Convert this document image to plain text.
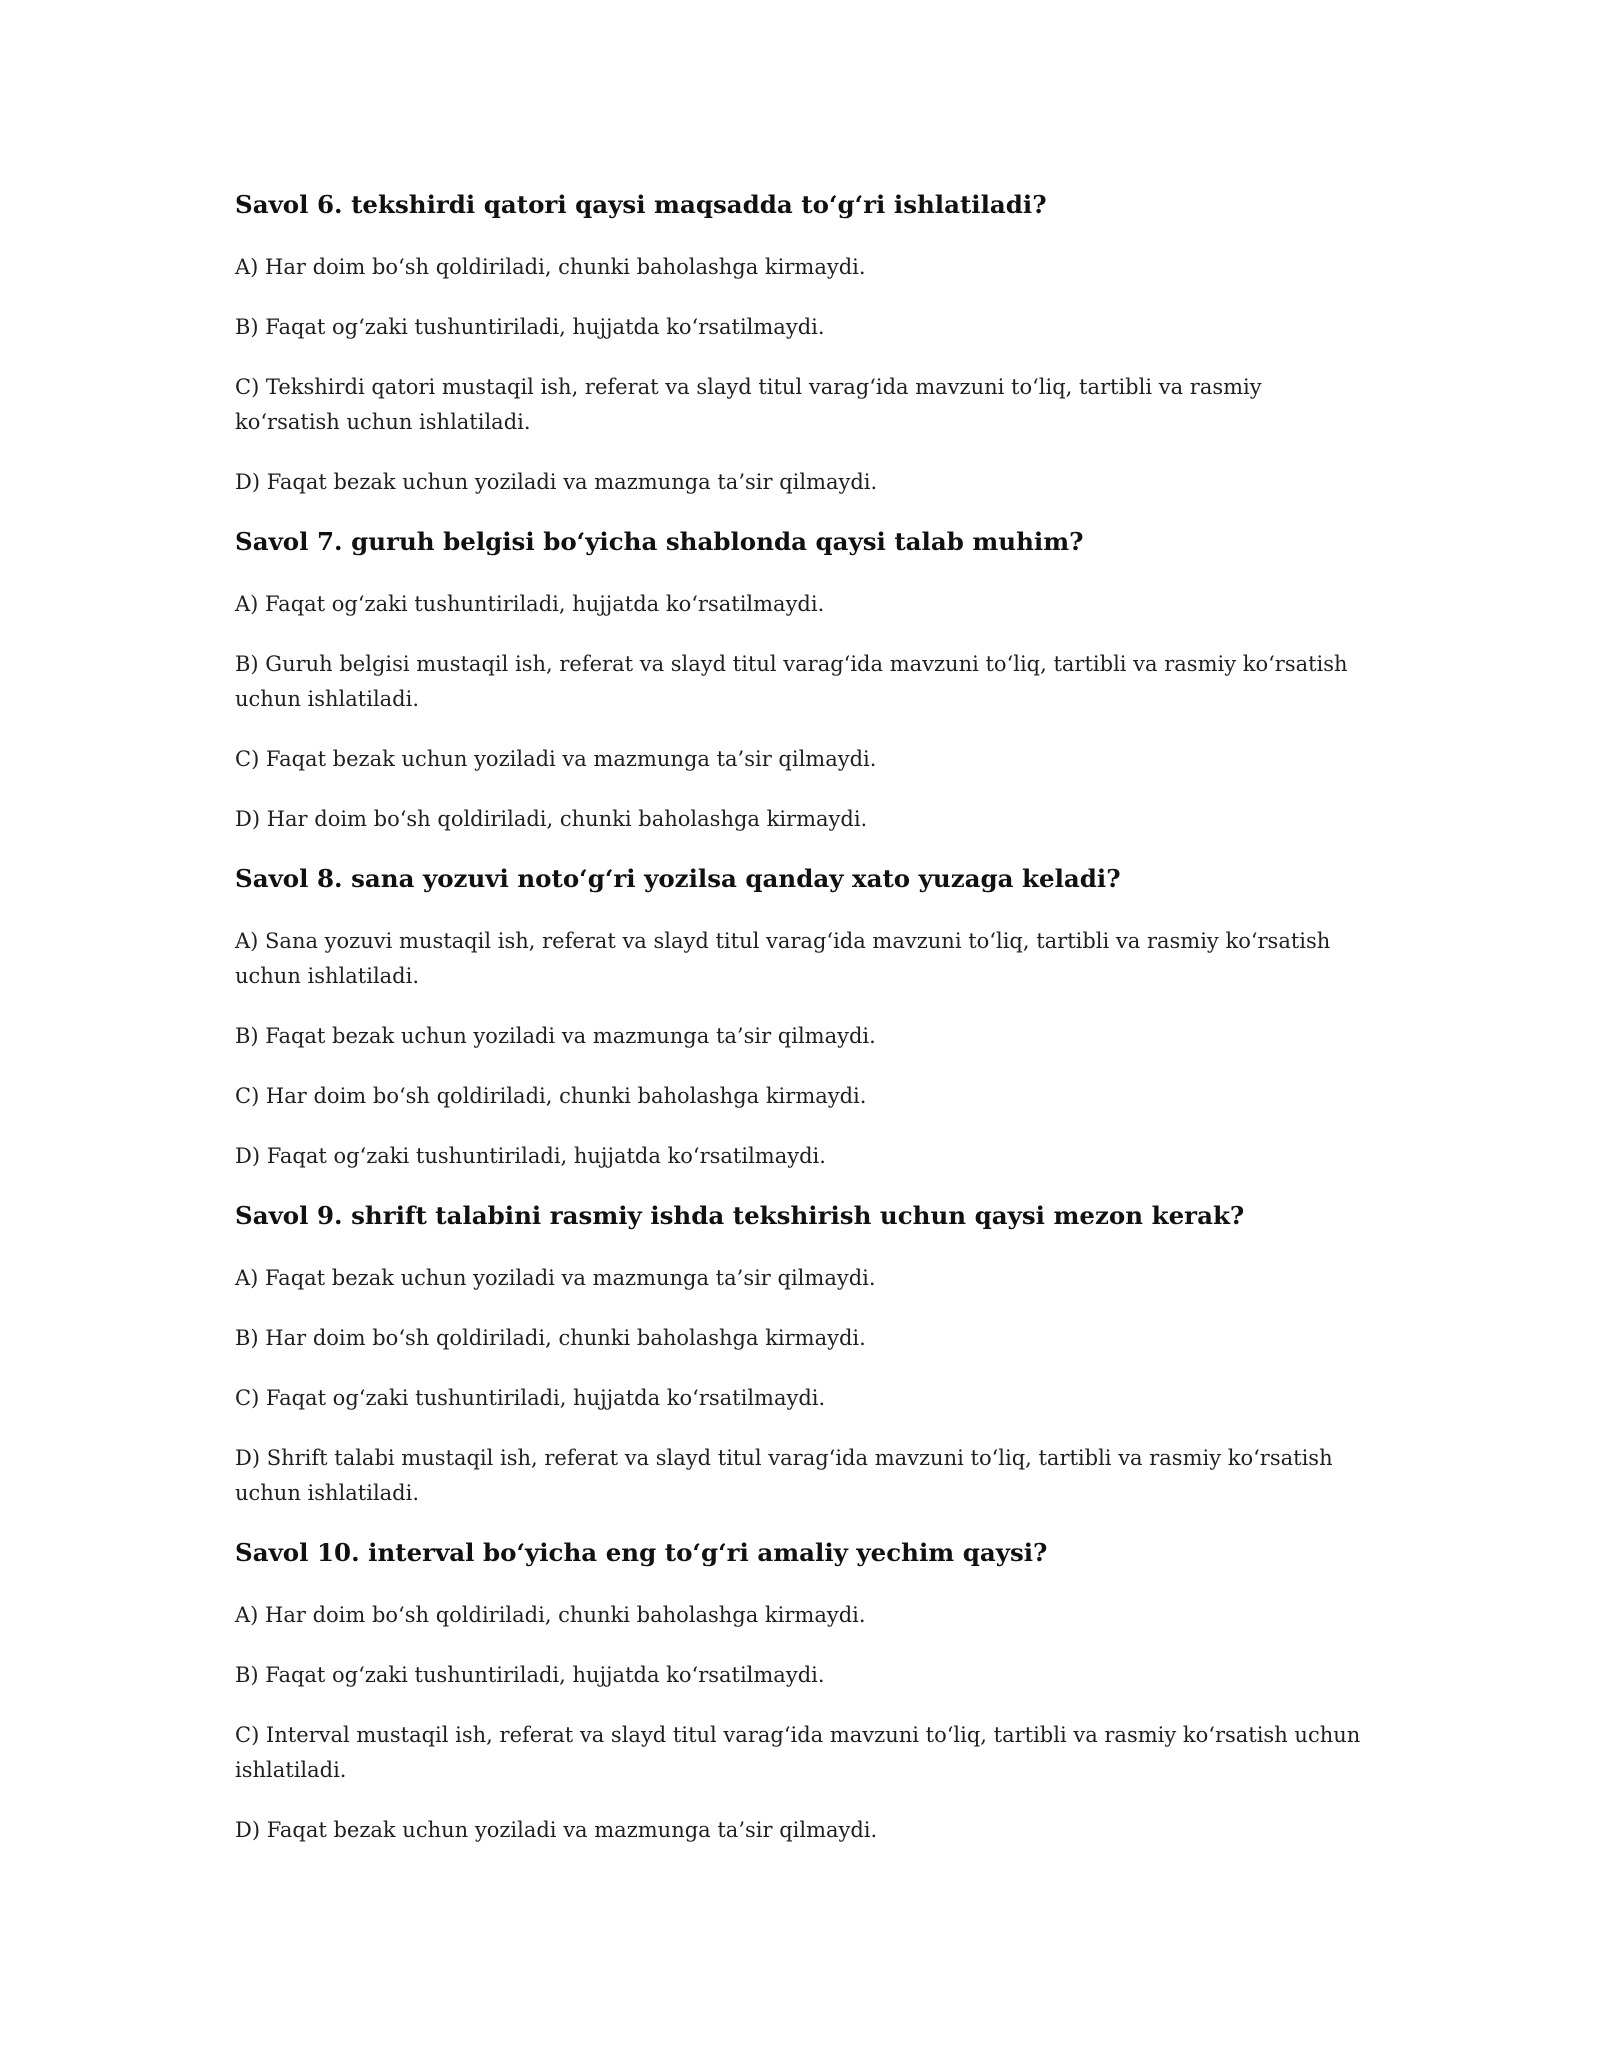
Savol 6. tekshirdi qatori qaysi maqsadda to‘g‘ri ishlatiladi?

A) Har doim bo‘sh qoldiriladi, chunki baholashga kirmaydi.

B) Faqat og‘zaki tushuntiriladi, hujjatda ko‘rsatilmaydi.

C) Tekshirdi qatori mustaqil ish, referat va slayd titul varag‘ida mavzuni to‘liq, tartibli va rasmiy ko‘rsatish uchun ishlatiladi.

D) Faqat bezak uchun yoziladi va mazmunga ta’sir qilmaydi.

Savol 7. guruh belgisi bo‘yicha shablonda qaysi talab muhim?

A) Faqat og‘zaki tushuntiriladi, hujjatda ko‘rsatilmaydi.

B) Guruh belgisi mustaqil ish, referat va slayd titul varag‘ida mavzuni to‘liq, tartibli va rasmiy ko‘rsatish uchun ishlatiladi.

C) Faqat bezak uchun yoziladi va mazmunga ta’sir qilmaydi.

D) Har doim bo‘sh qoldiriladi, chunki baholashga kirmaydi.

Savol 8. sana yozuvi noto‘g‘ri yozilsa qanday xato yuzaga keladi?

A) Sana yozuvi mustaqil ish, referat va slayd titul varag‘ida mavzuni to‘liq, tartibli va rasmiy ko‘rsatish uchun ishlatiladi.

B) Faqat bezak uchun yoziladi va mazmunga ta’sir qilmaydi.

C) Har doim bo‘sh qoldiriladi, chunki baholashga kirmaydi.

D) Faqat og‘zaki tushuntiriladi, hujjatda ko‘rsatilmaydi.

Savol 9. shrift talabini rasmiy ishda tekshirish uchun qaysi mezon kerak?

A) Faqat bezak uchun yoziladi va mazmunga ta’sir qilmaydi.

B) Har doim bo‘sh qoldiriladi, chunki baholashga kirmaydi.

C) Faqat og‘zaki tushuntiriladi, hujjatda ko‘rsatilmaydi.

D) Shrift talabi mustaqil ish, referat va slayd titul varag‘ida mavzuni to‘liq, tartibli va rasmiy ko‘rsatish uchun ishlatiladi.

Savol 10. interval bo‘yicha eng to‘g‘ri amaliy yechim qaysi?

A) Har doim bo‘sh qoldiriladi, chunki baholashga kirmaydi.

B) Faqat og‘zaki tushuntiriladi, hujjatda ko‘rsatilmaydi.

C) Interval mustaqil ish, referat va slayd titul varag‘ida mavzuni to‘liq, tartibli va rasmiy ko‘rsatish uchun ishlatiladi.

D) Faqat bezak uchun yoziladi va mazmunga ta’sir qilmaydi.
